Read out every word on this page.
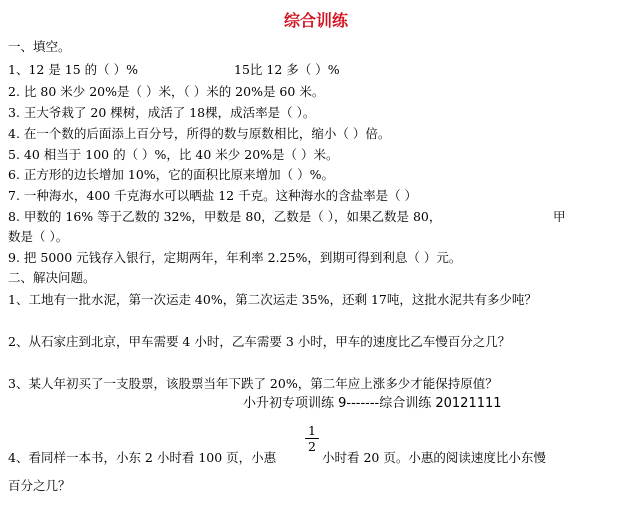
综合训练
一、填空。
1、12 是 15 的（ ）%	15比 12 多（ ）%
2. 比 80 米少 20%是（ ）米，（ ）米的 20%是 60 米。
3. 王大爷栽了 20 棵树，成活了 18棵，成活率是（ ）。
4. 在一个数的后面添上百分号，所得的数与原数相比，缩小（ ）倍。
5. 40 相当于 100 的（ ）%，比 40 米少 20%是（ ）米。
6. 正方形的边长增加 10%，它的面积比原来增加（ ）%。
7. 一种海水，400 千克海水可以晒盐 12 千克。这种海水的含盐率是（ ）
8. 甲数的 16% 等于乙数的 32%，甲数是 80，乙数是（ ），如果乙数是 80，	甲
数是（ ）。
9. 把 5000 元钱存入银行，定期两年，年利率 2.25%，到期可得到利息（ ）元。
二、解决问题。
1、工地有一批水泥，第一次运走 40%，第二次运走 35%，还剩 17吨，这批水泥共有多少吨？
2、从石家庄到北京，甲车需要 4 小时，乙车需要 3 小时，甲车的速度比乙车慢百分之几？
3、某人年初买了一支股票，该股票当年下跌了 20%，第二年应上涨多少才能保持原值？
小升初专项训练 9-------综合训练 20121111
4、看同样一本书，小东 2 小时看 100 页，小惠
1
2
小时看 20 页。小惠的阅读速度比小东慢
百分之几？
